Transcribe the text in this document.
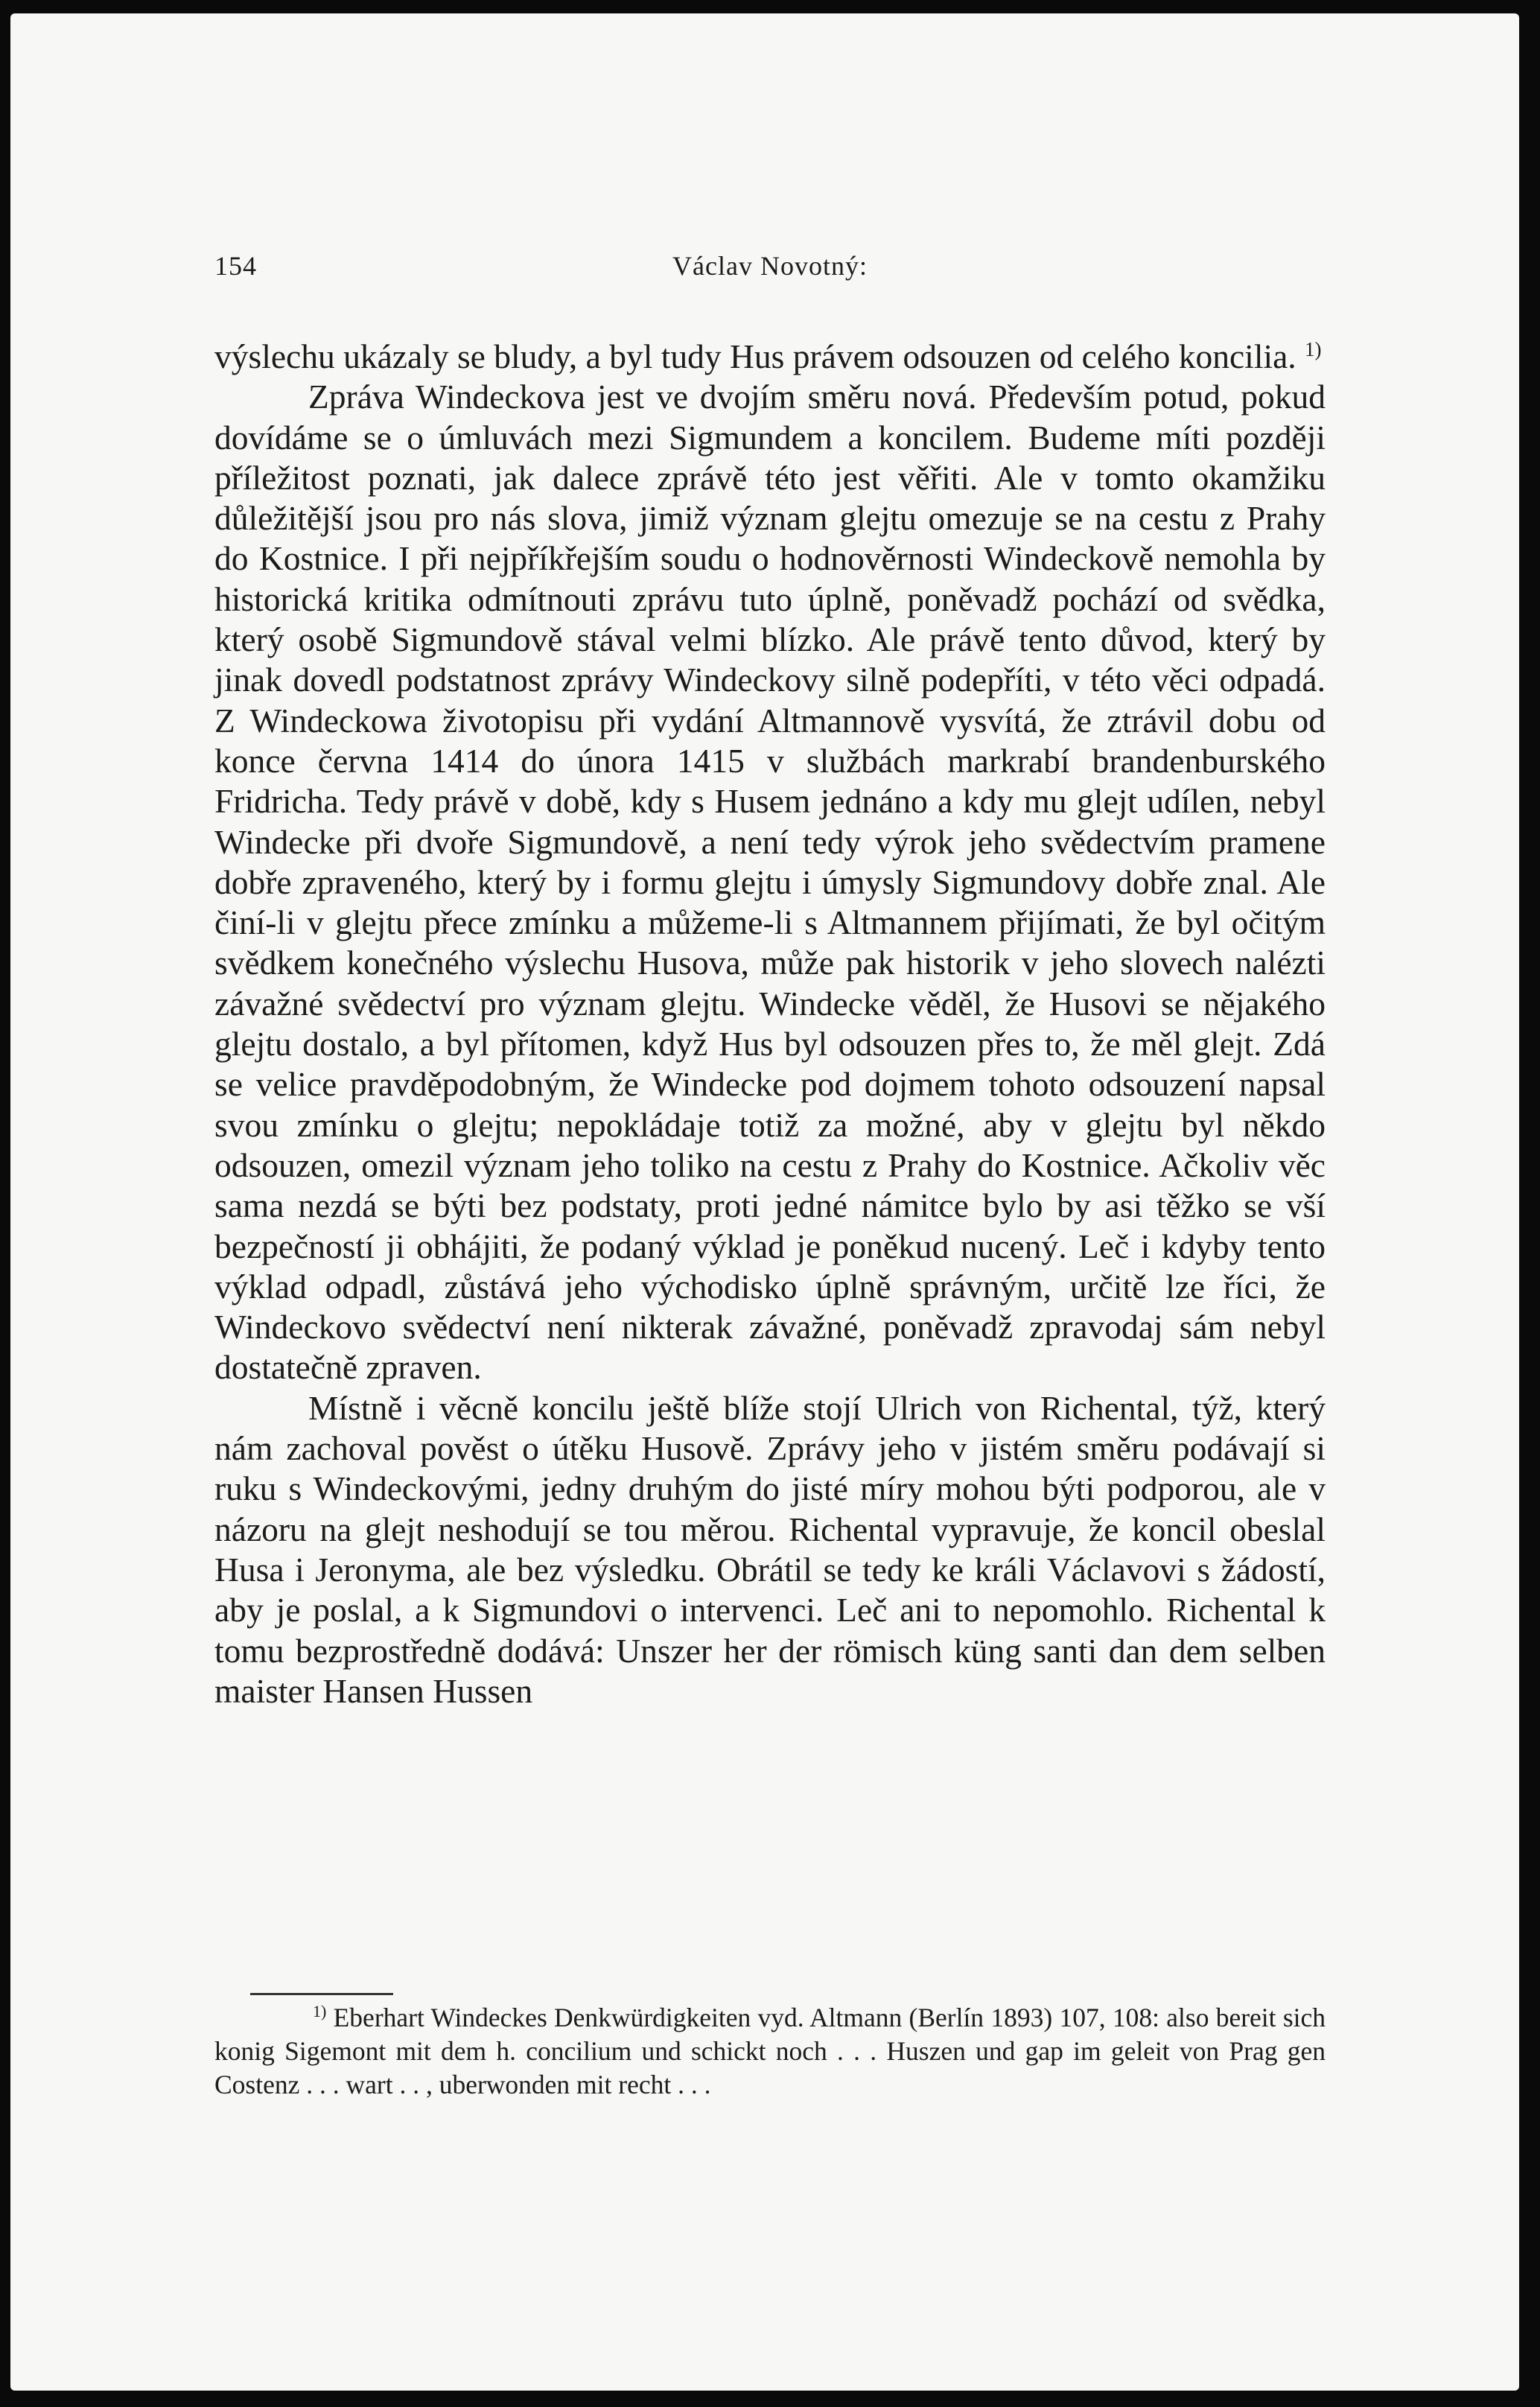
154	Václav Novotný:

výslechu ukázaly se bludy, a byl tudy Hus právem odsouzen od celého koncilia. $^{1)}$

Zpráva Windeckova jest ve dvojím směru nová. Především potud, pokud dovídáme se o úmluvách mezi Sigmundem a koncilem. Budeme míti později příležitost poznati, jak dalece zprávě této jest věřiti. Ale v tomto okamžiku důležitější jsou pro nás slova, jimiž význam glejtu omezuje se na cestu z Prahy do Kostnice. I při nejpříkřejším soudu o hodnověrnosti Windeckově nemohla by historická kritika odmítnouti zprávu tuto úplně, poněvadž pochází od svědka, který osobě Sigmundově stával velmi blízko. Ale právě tento důvod, který by jinak dovedl podstatnost zprávy Windeckovy silně podepříti, v této věci odpadá. Z Windeckowa životopisu při vydání Altmannově vysvítá, že ztrávil dobu od konce června 1414 do února 1415 v službách markrabí brandenburského Fridricha. Tedy právě v době, kdy s Husem jednáno a kdy mu glejt udílen, nebyl Windecke při dvoře Sigmundově, a není tedy výrok jeho svědectvím pramene dobře zpraveného, který by i formu glejtu i úmysly Sigmundovy dobře znal. Ale činí-li v glejtu přece zmínku a můžeme-li s Altmannem přijímati, že byl očitým svědkem konečného výslechu Husova, může pak historik v jeho slovech nalézti závažné svědectví pro význam glejtu. Windecke věděl, že Husovi se nějakého glejtu dostalo, a byl přítomen, když Hus byl odsouzen přes to, že měl glejt. Zdá se velice pravděpodobným, že Windecke pod dojmem tohoto odsouzení napsal svou zmínku o glejtu; nepokládaje totiž za možné, aby v glejtu byl někdo odsouzen, omezil význam jeho toliko na cestu z Prahy do Kostnice. Ačkoliv věc sama nezdá se býti bez podstaty, proti jedné námitce bylo by asi těžko se vší bezpečností ji obhájiti, že podaný výklad je poněkud nucený. Leč i kdyby tento výklad odpadl, zůstává jeho východisko úplně správným, určitě lze říci, že Windeckovo svědectví není nikterak závažné, poněvadž zpravodaj sám nebyl dostatečně zpraven.

Místně i věcně koncilu ještě blíže stojí Ulrich von Richental, týž, který nám zachoval pověst o útěku Husově. Zprávy jeho v jistém směru podávají si ruku s Windeckovými, jedny druhým do jisté míry mohou býti podporou, ale v názoru na glejt neshodují se tou měrou. Richental vypravuje, že koncil obeslal Husa i Jeronyma, ale bez výsledku. Obrátil se tedy ke králi Václavovi s žádostí, aby je poslal, a k Sigmundovi o intervenci. Leč ani to nepomohlo. Richental k tomu bezprostředně dodává: Unszer her der römisch küng santi dan dem selben maister Hansen Hussen

$^{1)}$ Eberhart Windeckes Denkwürdigkeiten vyd. Altmann (Berlín 1893) 107, 108: also bereit sich konig Sigemont mit dem h. concilium und schickt noch . . . Huszen und gap im geleit von Prag gen Costenz . . . wart . . , uberwonden mit recht . . .
